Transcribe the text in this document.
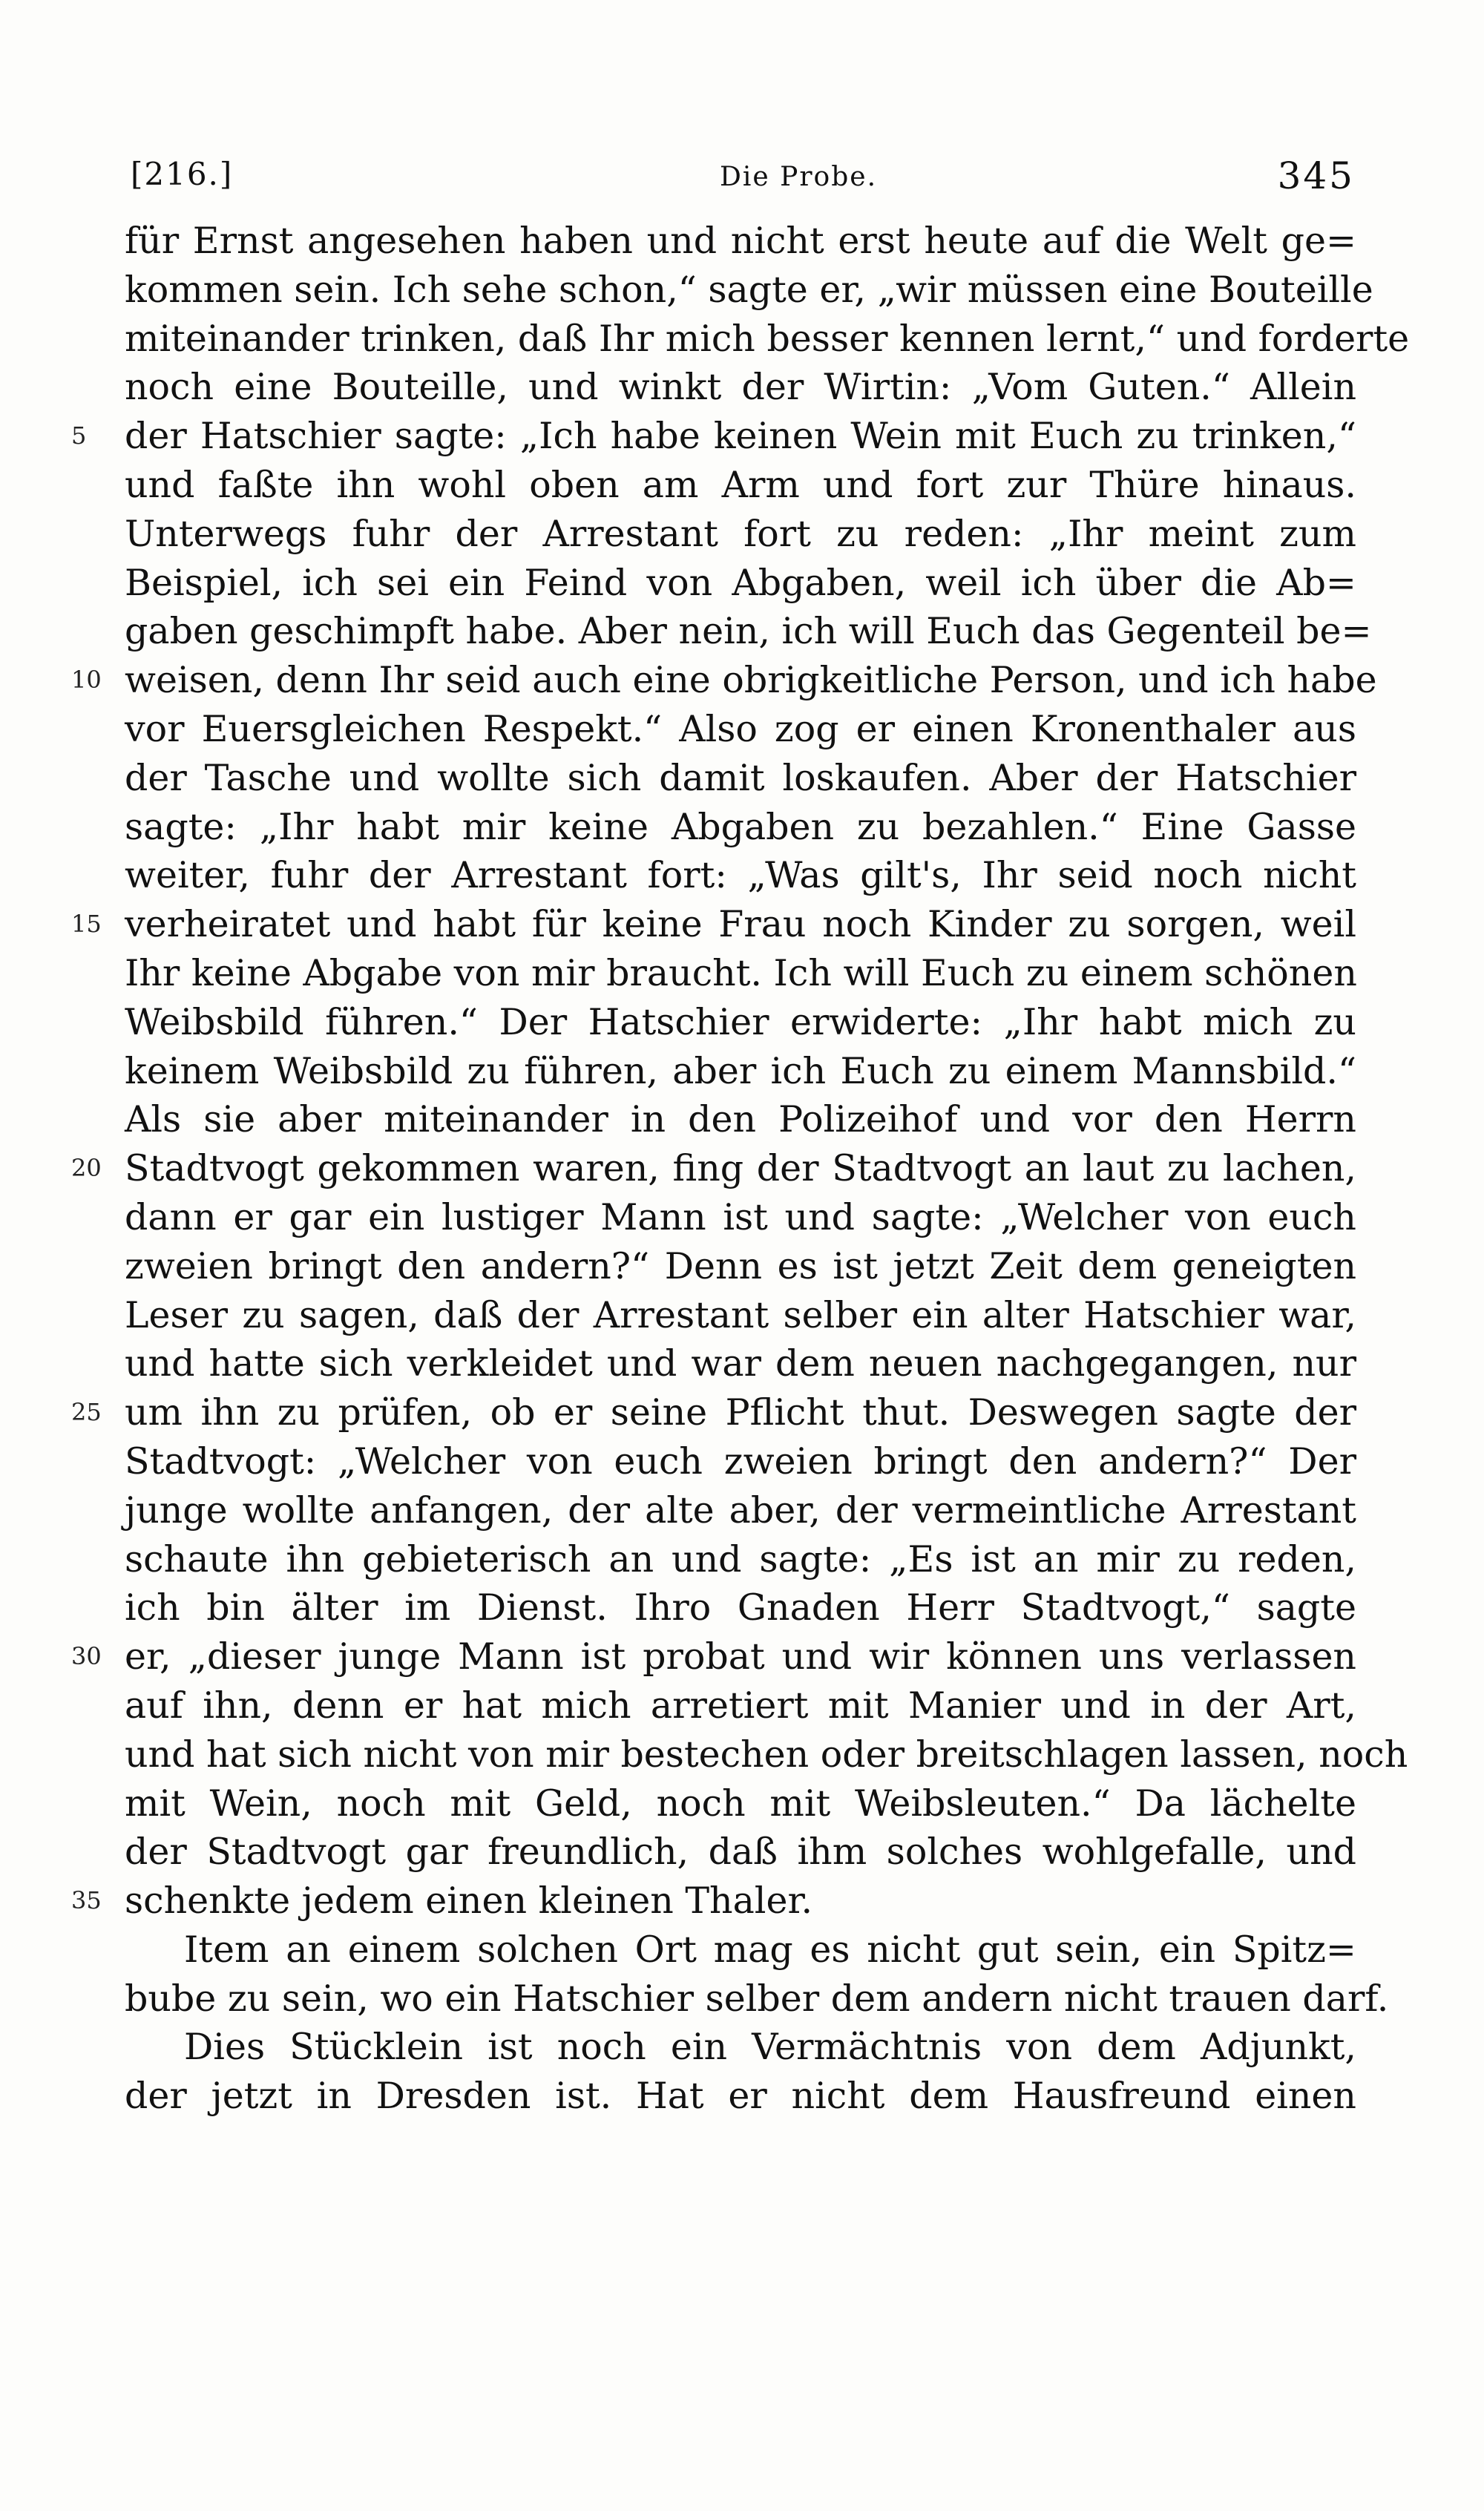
[216.]	Die Probe.	345
für Ernst angesehen haben und nicht erst heute auf die Welt ge=
kommen sein. Ich sehe schon,“ sagte er, „wir müssen eine Bouteille
miteinander trinken, daß Ihr mich besser kennen lernt,“ und forderte
noch eine Bouteille, und winkt der Wirtin: „Vom Guten.“ Allein
5	der Hatschier sagte: „Ich habe keinen Wein mit Euch zu trinken,“
und faßte ihn wohl oben am Arm und fort zur Thüre hinaus.
Unterwegs fuhr der Arrestant fort zu reden: „Ihr meint zum
Beispiel, ich sei ein Feind von Abgaben, weil ich über die Ab=
gaben geschimpft habe. Aber nein, ich will Euch das Gegenteil be=
10 weisen, denn Ihr seid auch eine obrigkeitliche Person, und ich habe
vor Euersgleichen Respekt.“ Also zog er einen Kronenthaler aus
der Tasche und wollte sich damit loskaufen. Aber der Hatschier
sagte: „Ihr habt mir keine Abgaben zu bezahlen.“ Eine Gasse
weiter, fuhr der Arrestant fort: „Was gilt's, Ihr seid noch nicht
15 verheiratet und habt für keine Frau noch Kinder zu sorgen, weil
Ihr keine Abgabe von mir braucht. Ich will Euch zu einem schönen
Weibsbild führen.“ Der Hatschier erwiderte: „Ihr habt mich zu
keinem Weibsbild zu führen, aber ich Euch zu einem Mannsbild.“
Als sie aber miteinander in den Polizeihof und vor den Herrn
20 Stadtvogt gekommen waren, fing der Stadtvogt an laut zu lachen,
dann er gar ein lustiger Mann ist und sagte: „Welcher von euch
zweien bringt den andern?“ Denn es ist jetzt Zeit dem geneigten
Leser zu sagen, daß der Arrestant selber ein alter Hatschier war,
und hatte sich verkleidet und war dem neuen nachgegangen, nur
25 um ihn zu prüfen, ob er seine Pflicht thut. Deswegen sagte der
Stadtvogt: „Welcher von euch zweien bringt den andern?“ Der
junge wollte anfangen, der alte aber, der vermeintliche Arrestant
schaute ihn gebieterisch an und sagte: „Es ist an mir zu reden,
ich bin älter im Dienst. Ihro Gnaden Herr Stadtvogt,“ sagte
30 er, „dieser junge Mann ist probat und wir können uns verlassen
auf ihn, denn er hat mich arretiert mit Manier und in der Art,
und hat sich nicht von mir bestechen oder breitschlagen lassen, noch
mit Wein, noch mit Geld, noch mit Weibsleuten.“ Da lächelte
der Stadtvogt gar freundlich, daß ihm solches wohlgefalle, und
35 schenkte jedem einen kleinen Thaler.
Item an einem solchen Ort mag es nicht gut sein, ein Spitz=
bube zu sein, wo ein Hatschier selber dem andern nicht trauen darf.
Dies Stücklein ist noch ein Vermächtnis von dem Adjunkt,
der jetzt in Dresden ist. Hat er nicht dem Hausfreund einen
